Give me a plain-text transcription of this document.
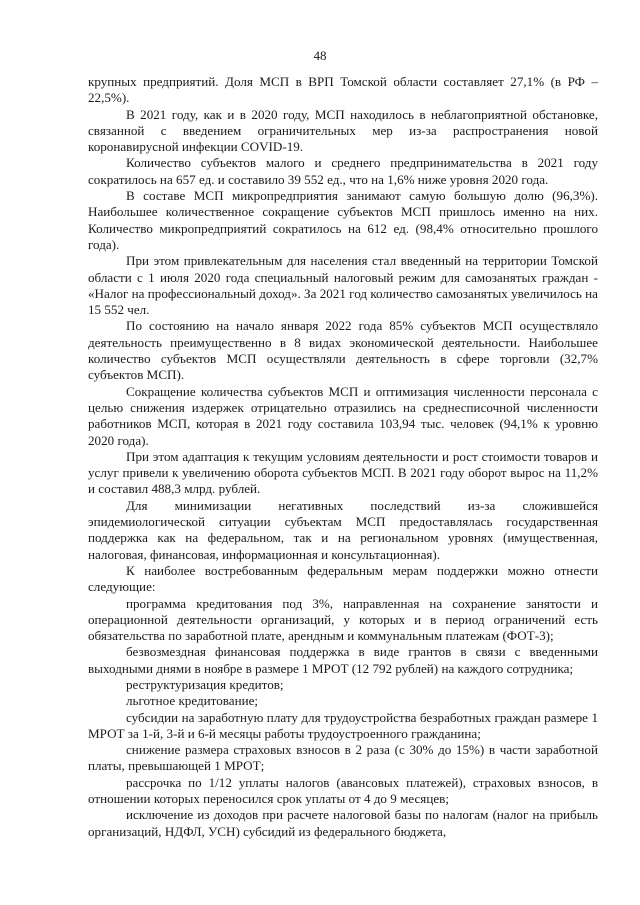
48

крупных предприятий. Доля МСП в ВРП Томской области составляет 27,1% (в РФ – 22,5%).

В 2021 году, как и в 2020 году, МСП находилось в неблагоприятной обстановке, связанной с введением ограничительных мер из-за распространения новой коронавирусной инфекции COVID-19.

Количество субъектов малого и среднего предпринимательства в 2021 году сократилось на 657 ед. и составило 39 552 ед., что на 1,6% ниже уровня 2020 года.

В составе МСП микропредприятия занимают самую большую долю (96,3%). Наибольшее количественное сокращение субъектов МСП пришлось именно на них. Количество микропредприятий сократилось на 612 ед. (98,4% относительно прошлого года).

При этом привлекательным для населения стал введенный на территории Томской области с 1 июля 2020 года специальный налоговый режим для самозанятых граждан - «Налог на профессиональный доход». За 2021 год количество самозанятых увеличилось на 15 552 чел.

По состоянию на начало января 2022 года 85% субъектов МСП осуществляло деятельность преимущественно в 8 видах экономической деятельности. Наибольшее количество субъектов МСП осуществляли деятельность в сфере торговли (32,7% субъектов МСП).

Сокращение количества субъектов МСП и оптимизация численности персонала с целью снижения издержек отрицательно отразились на среднесписочной численности работников МСП, которая в 2021 году составила 103,94 тыс. человек (94,1% к уровню 2020 года).

При этом адаптация к текущим условиям деятельности и рост стоимости товаров и услуг привели к увеличению оборота субъектов МСП. В 2021 году оборот вырос на 11,2% и составил 488,3 млрд. рублей.

Для минимизации негативных последствий из-за сложившейся эпидемиологической ситуации субъектам МСП предоставлялась государственная поддержка как на федеральном, так и на региональном уровнях (имущественная, налоговая, финансовая, информационная и консультационная).

К наиболее востребованным федеральным мерам поддержки можно отнести следующие:

программа кредитования под 3%, направленная на сохранение занятости и операционной деятельности организаций, у которых и в период ограничений есть обязательства по заработной плате, арендным и коммунальным платежам (ФОТ-3);

безвозмездная финансовая поддержка в виде грантов в связи с введенными выходными днями в ноябре в размере 1 МРОТ (12 792 рублей) на каждого сотрудника;

реструктуризация кредитов;

льготное кредитование;

субсидии на заработную плату для трудоустройства безработных граждан размере 1 МРОТ за 1-й, 3-й и 6-й месяцы работы трудоустроенного гражданина;

снижение размера страховых взносов в 2 раза (с 30% до 15%) в части заработной платы, превышающей 1 МРОТ;

рассрочка по 1/12 уплаты налогов (авансовых платежей), страховых взносов, в отношении которых переносился срок уплаты от 4 до 9 месяцев;

исключение из доходов при расчете налоговой базы по налогам (налог на прибыль организаций, НДФЛ, УСН) субсидий из федерального бюджета,
